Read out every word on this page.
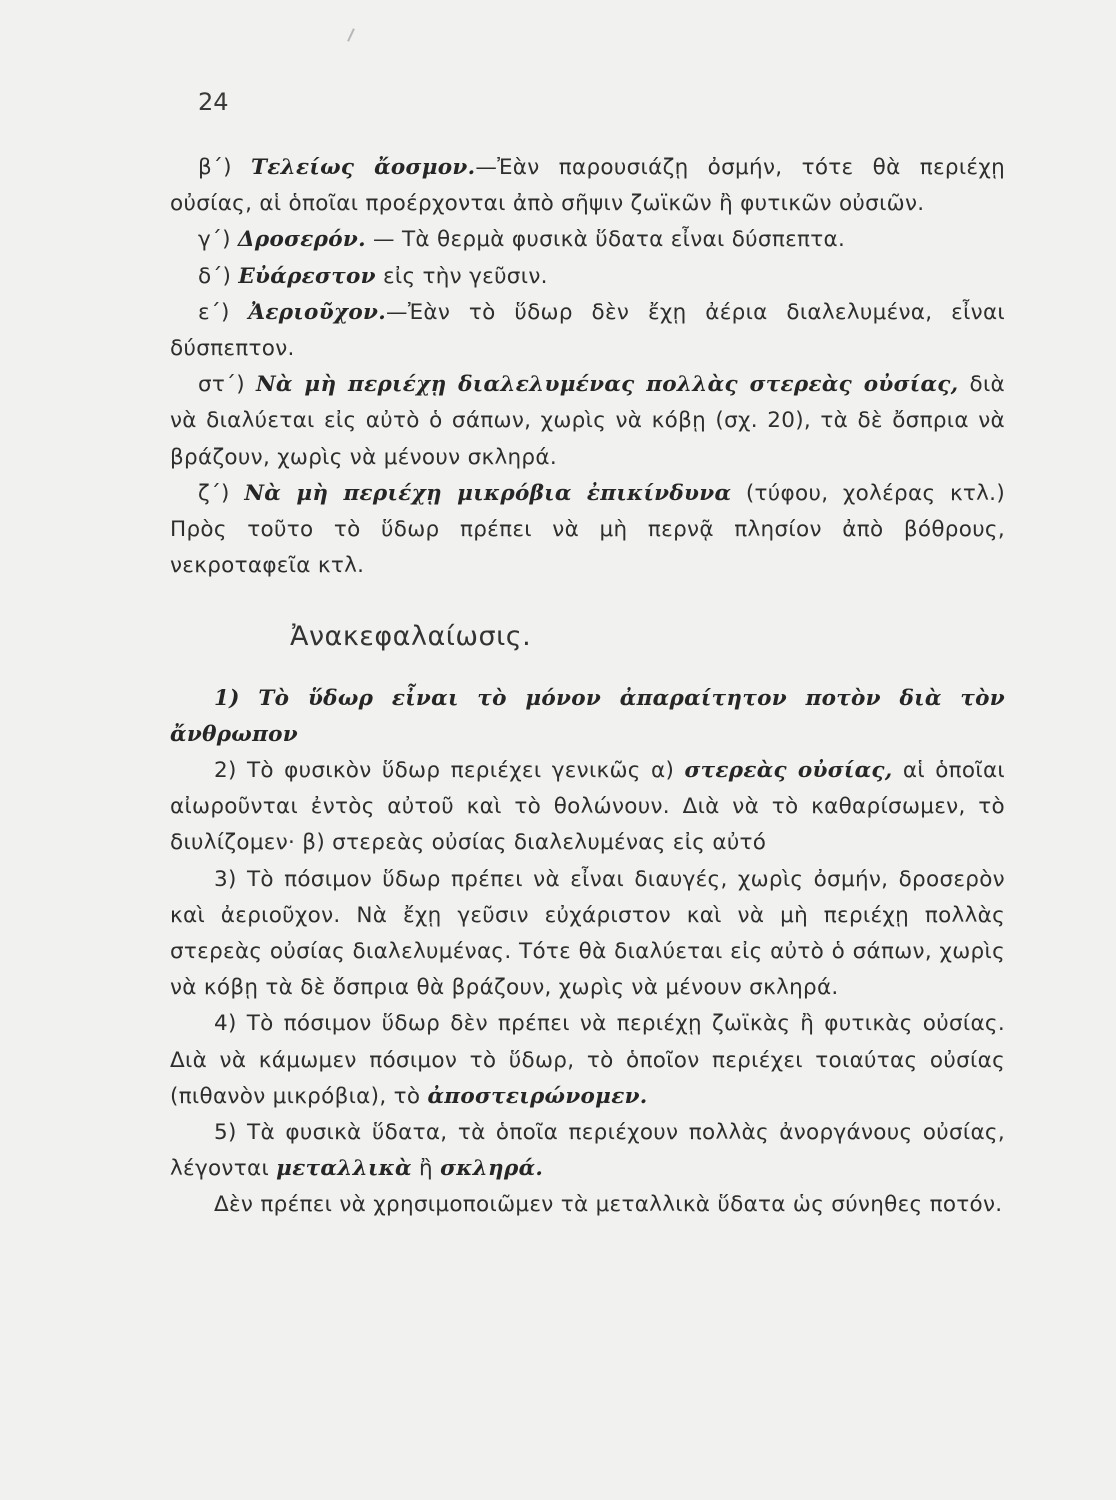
24

β΄) Τελείως ἄοσμον.—Ἐὰν παρουσιάζῃ ὀσμήν, τότε θὰ περιέχῃ οὐσίας, αἱ ὁποῖαι προέρχονται ἀπὸ σῆψιν ζωϊκῶν ἢ φυτικῶν οὐσιῶν.

γ΄) Δροσερόν. — Τὰ θερμὰ φυσικὰ ὕδατα εἶναι δύσπεπτα.

δ΄) Εὐάρεστον εἰς τὴν γεῦσιν.

ε΄) Ἀεριοῦχον.—Ἐὰν τὸ ὕδωρ δὲν ἔχῃ ἀέρια διαλελυμένα, εἶναι δύσπεπτον.

στ΄) Νὰ μὴ περιέχῃ διαλελυμένας πολλὰς στερεὰς οὐσίας, διὰ νὰ διαλύεται εἰς αὐτὸ ὁ σάπων, χωρὶς νὰ κόβῃ (σχ. 20), τὰ δὲ ὄσπρια νὰ βράζουν, χωρὶς νὰ μένουν σκληρά.

ζ΄) Νὰ μὴ περιέχῃ μικρόβια ἐπικίνδυνα (τύφου, χολέρας κτλ.) Πρὸς τοῦτο τὸ ὕδωρ πρέπει νὰ μὴ περνᾷ πλησίον ἀπὸ βόθρους, νεκροταφεῖα κτλ.

Ἀνακεφαλαίωσις.

1) Τὸ ὕδωρ εἶναι τὸ μόνον ἀπαραίτητον ποτὸν διὰ τὸν ἄνθρωπον

2) Τὸ φυσικὸν ὕδωρ περιέχει γενικῶς α) στερεὰς οὐσίας, αἱ ὁποῖαι αἰωροῦνται ἐντὸς αὐτοῦ καὶ τὸ θολώνουν. Διὰ νὰ τὸ καθαρίσωμεν, τὸ διυλίζομεν· β) στερεὰς οὐσίας διαλελυμένας εἰς αὐτό

3) Τὸ πόσιμον ὕδωρ πρέπει νὰ εἶναι διαυγές, χωρὶς ὀσμήν, δροσερὸν καὶ ἀεριοῦχον. Νὰ ἔχῃ γεῦσιν εὐχάριστον καὶ νὰ μὴ περιέχῃ πολλὰς στερεὰς οὐσίας διαλελυμένας. Τότε θὰ διαλύεται εἰς αὐτὸ ὁ σάπων, χωρὶς νὰ κόβῃ τὰ δὲ ὄσπρια θὰ βράζουν, χωρὶς νὰ μένουν σκληρά.

4) Τὸ πόσιμον ὕδωρ δὲν πρέπει νὰ περιέχῃ ζωϊκὰς ἢ φυτικὰς οὐσίας. Διὰ νὰ κάμωμεν πόσιμον τὸ ὕδωρ, τὸ ὁποῖον περιέχει τοιαύτας οὐσίας (πιθανὸν μικρόβια), τὸ ἀποστειρώνομεν.

5) Τὰ φυσικὰ ὕδατα, τὰ ὁποῖα περιέχουν πολλὰς ἀνοργάνους οὐσίας, λέγονται μεταλλικὰ ἢ σκληρά.

Δὲν πρέπει νὰ χρησιμοποιῶμεν τὰ μεταλλικὰ ὕδατα ὡς σύνηθες ποτόν.
